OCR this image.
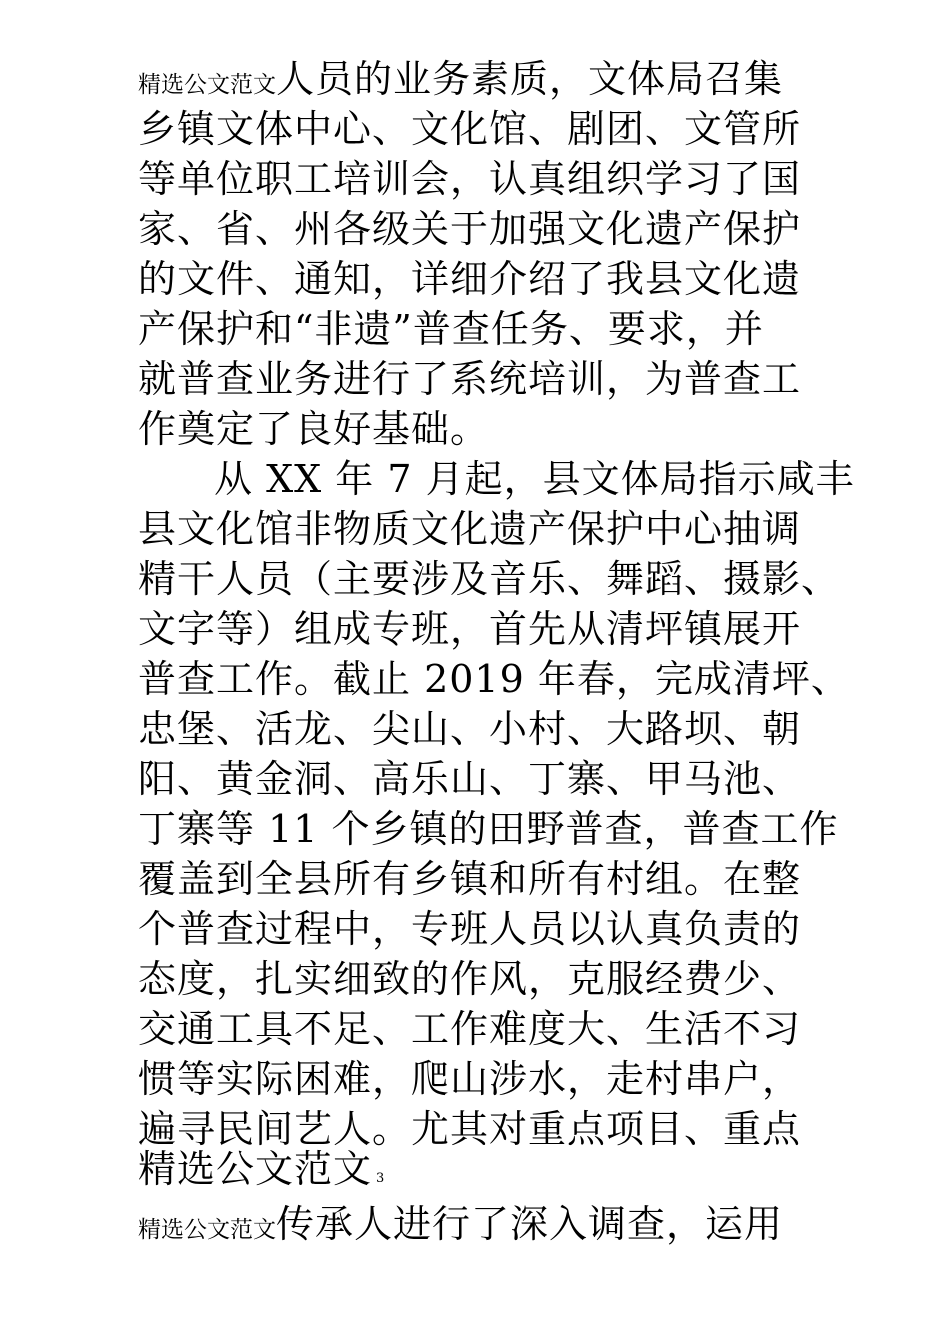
精选公文范文人员的业务素质，文体局召集
乡镇文体中心、文化馆、剧团、文管所
等单位职工培训会，认真组织学习了国
家、省、州各级关于加强文化遗产保护
的文件、通知，详细介绍了我县文化遗
产保护和“非遗”普查任务、要求，并
就普查业务进行了系统培训，为普查工
作奠定了良好基础。
从 XX 年 7 月起，县文体局指示咸丰
县文化馆非物质文化遗产保护中心抽调
精干人员（主要涉及音乐、舞蹈、摄影、
文字等）组成专班，首先从清坪镇展开
普查工作。截止 2019 年春，完成清坪、
忠堡、活龙、尖山、小村、大路坝、朝
阳、黄金洞、高乐山、丁寨、甲马池、
丁寨等 11 个乡镇的田野普查，普查工作
覆盖到全县所有乡镇和所有村组。在整
个普查过程中，专班人员以认真负责的
态度，扎实细致的作风，克服经费少、
交通工具不足、工作难度大、生活不习
惯等实际困难，爬山涉水，走村串户，
遍寻民间艺人。尤其对重点项目、重点
精选公文范文 3
精选公文范文传承人进行了深入调查，运用
